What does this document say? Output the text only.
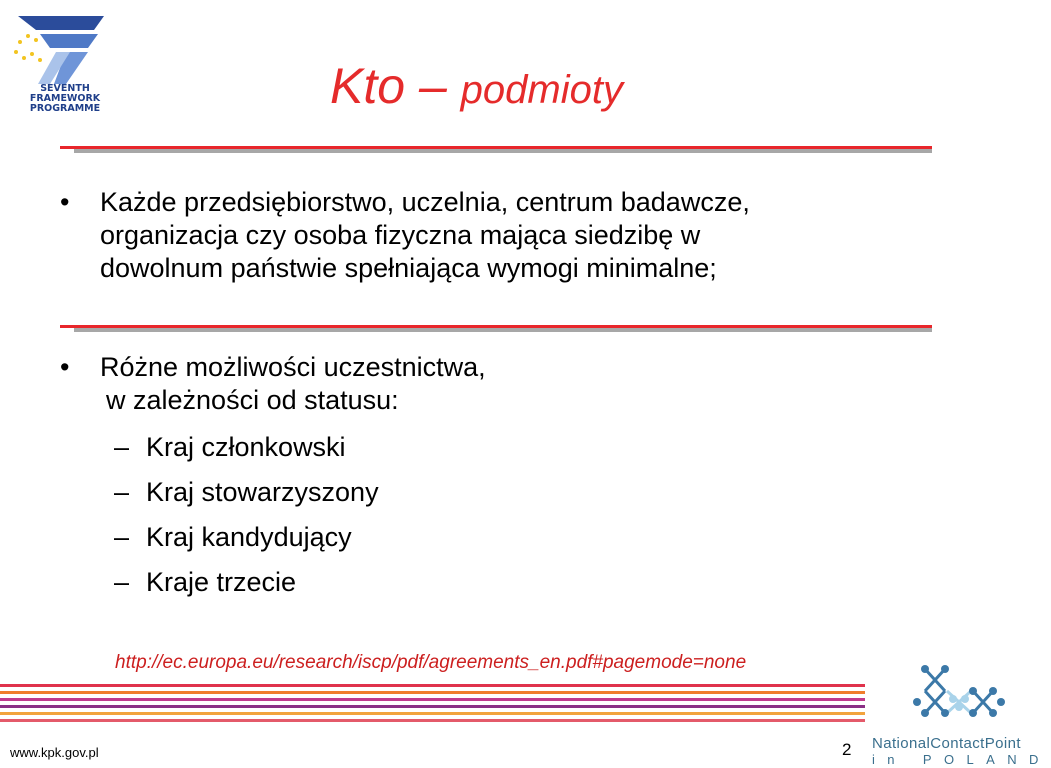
SEVENTH FRAMEWORK
PROGRAMME	Kto – podmioty
• Każde przedsiębiorstwo, uczelnia, centrum badawcze,
organizacja czy osoba fizyczna mająca siedzibę w
dowolnum państwie spełniająca wymogi minimalne;
• Różne możliwości uczestnictwa,
w zależności od statusu:
– Kraj członkowski
– Kraj stowarzyszony
– Kraj kandydujący
– Kraje trzecie
http://ec.europa.eu/research/iscp/pdf/agreements_en.pdf#pagemode=none
www.kpk.gov.pl	2 NationalContactPoint
in POLAND
